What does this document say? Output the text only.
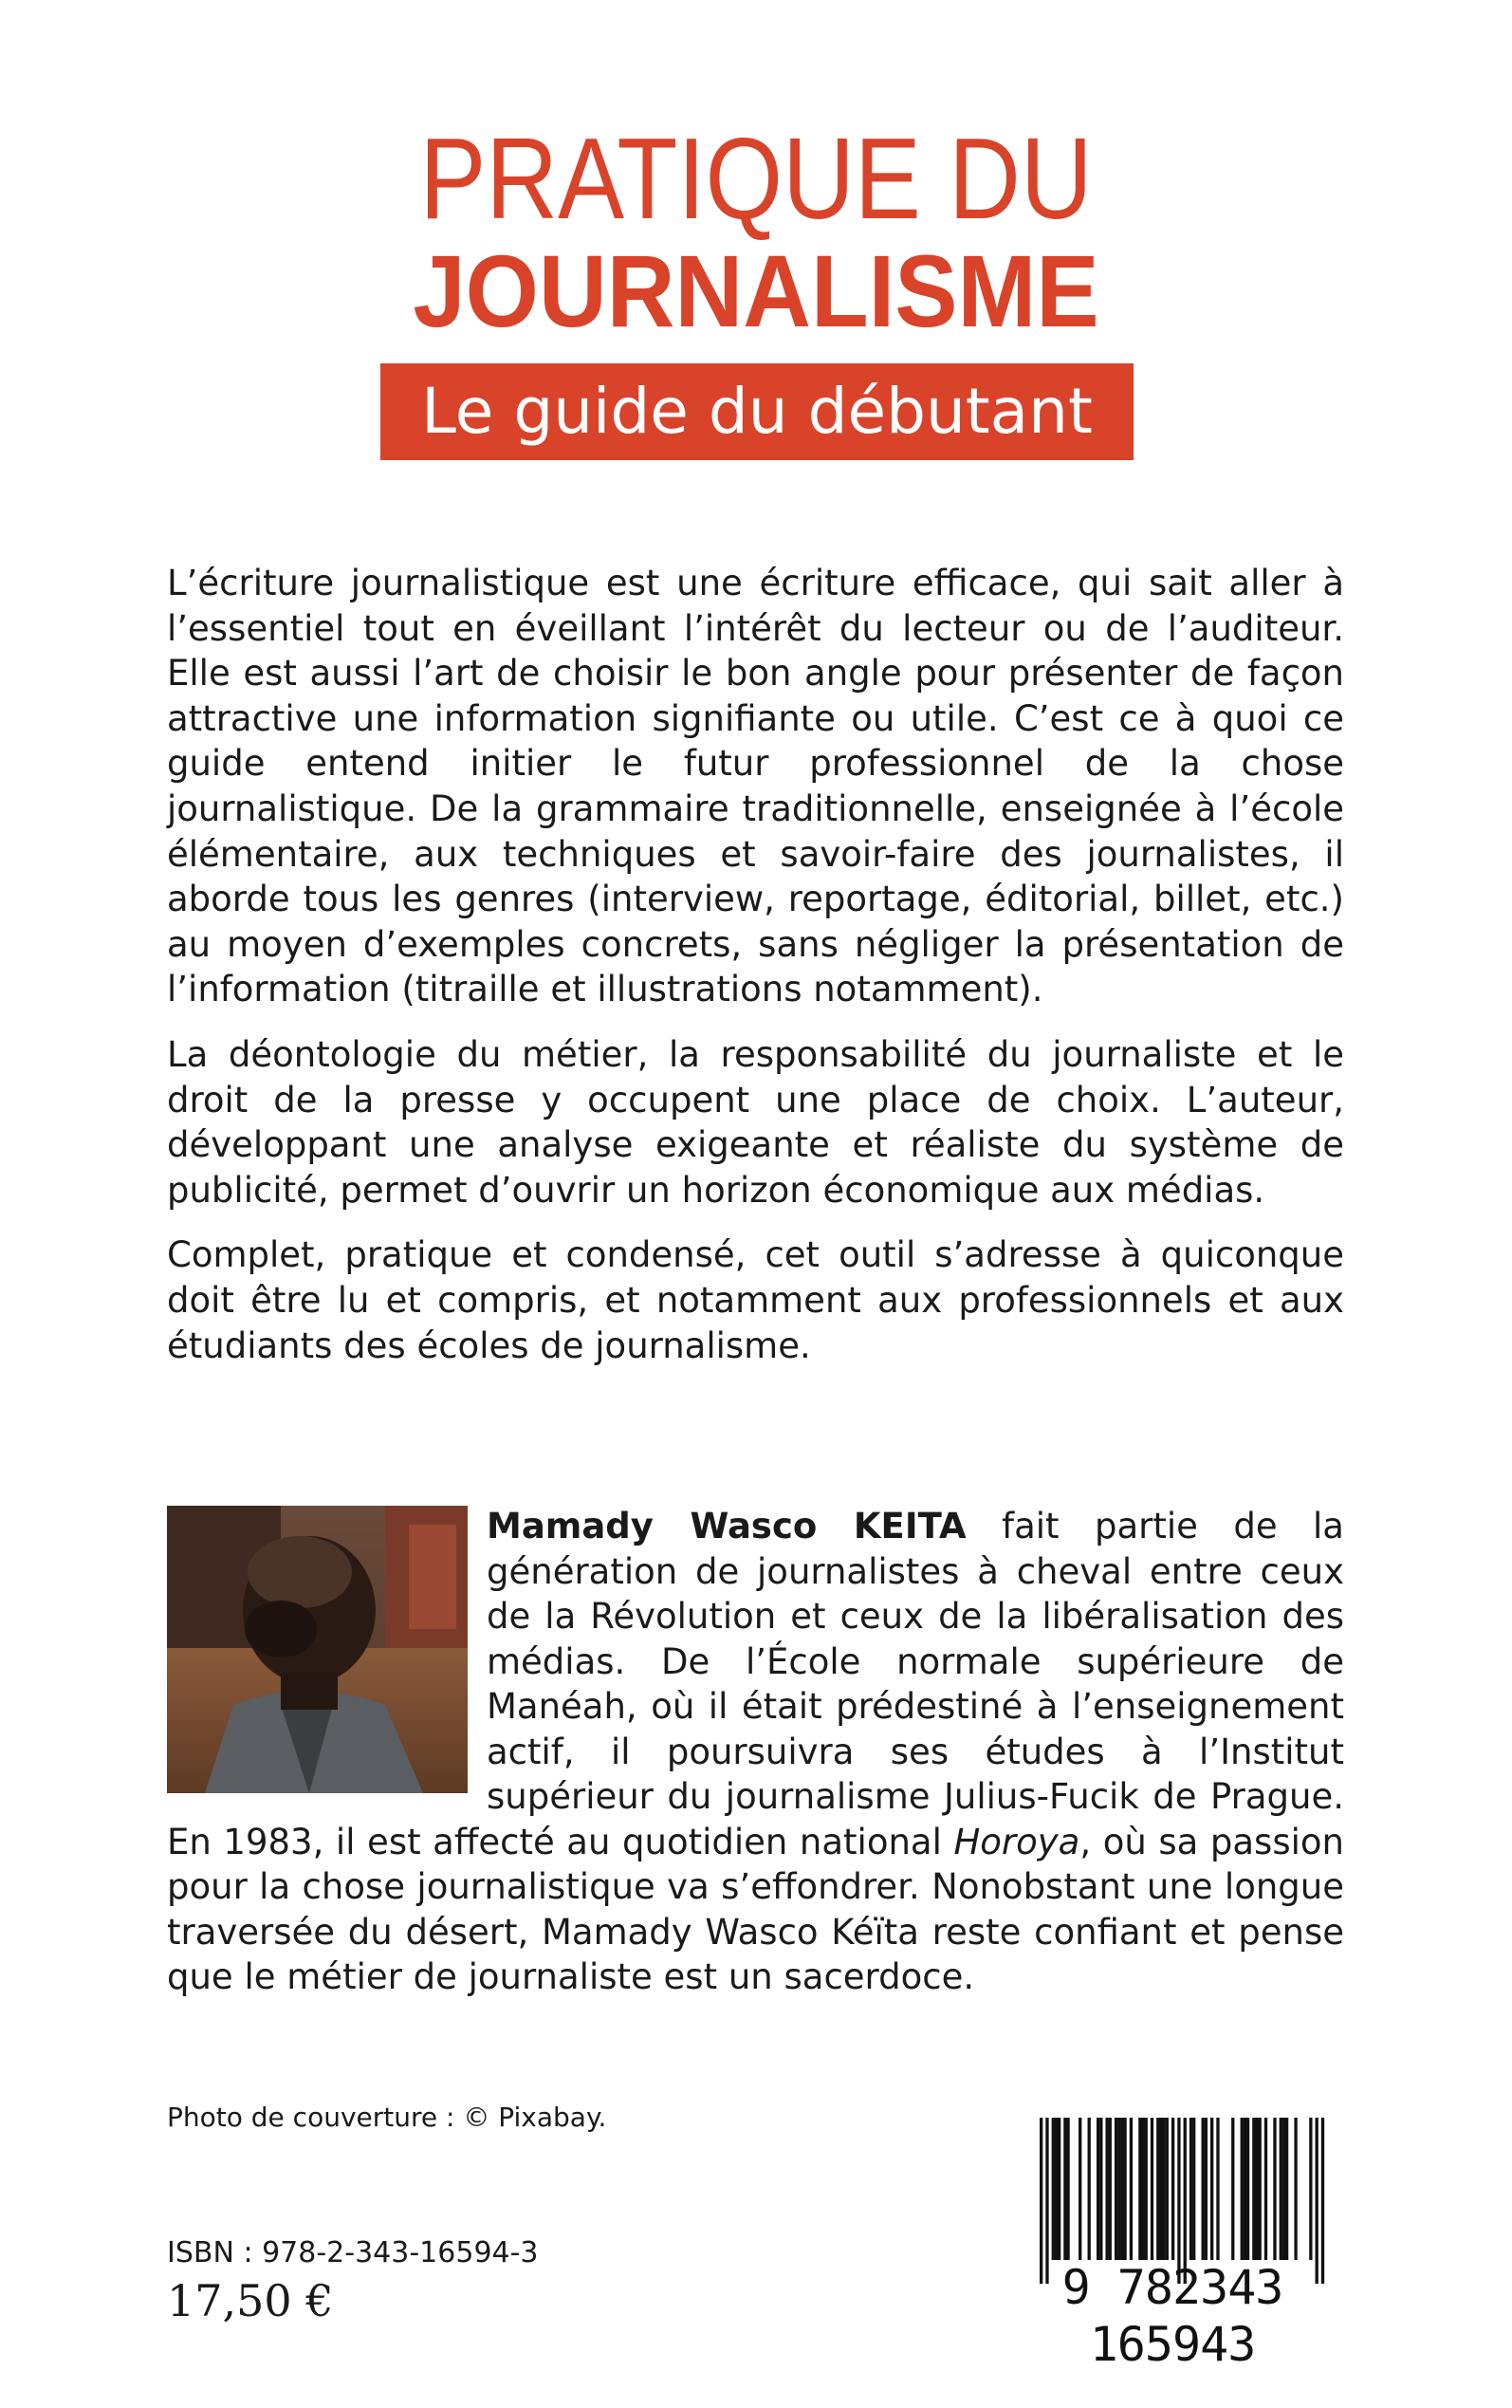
PRATIQUE DU
JOURNALISME
Le guide du débutant

L’écriture journalistique est une écriture efficace, qui sait aller à l’essentiel tout en éveillant l’intérêt du lecteur ou de l’auditeur. Elle est aussi l’art de choisir le bon angle pour présenter de façon attractive une information signifiante ou utile. C’est ce à quoi ce guide entend initier le futur professionnel de la chose journalistique. De la grammaire traditionnelle, enseignée à l’école élémentaire, aux techniques et savoir-faire des journalistes, il aborde tous les genres (interview, reportage, éditorial, billet, etc.) au moyen d’exemples concrets, sans négliger la présentation de l’information (titraille et illustrations notamment).

La déontologie du métier, la responsabilité du journaliste et le droit de la presse y occupent une place de choix. L’auteur, développant une analyse exigeante et réaliste du système de publicité, permet d’ouvrir un horizon économique aux médias.

Complet, pratique et condensé, cet outil s’adresse à quiconque doit être lu et compris, et notamment aux professionnels et aux étudiants des écoles de journalisme.

Mamady Wasco KEITA fait partie de la génération de journalistes à cheval entre ceux de la Révolution et ceux de la libéralisation des médias. De l’École normale supérieure de Manéah, où il était prédestiné à l’enseignement actif, il poursuivra ses études à l’Institut supérieur du journalisme Julius-Fucik de Prague. En 1983, il est affecté au quotidien national Horoya, où sa passion pour la chose journalistique va s’effondrer. Nonobstant une longue traversée du désert, Mamady Wasco Kéïta reste confiant et pense que le métier de journaliste est un sacerdoce.
Photo de couverture : © Pixabay.
ISBN : 978-2-343-16594-3
17,50 €	9 782343 165943
